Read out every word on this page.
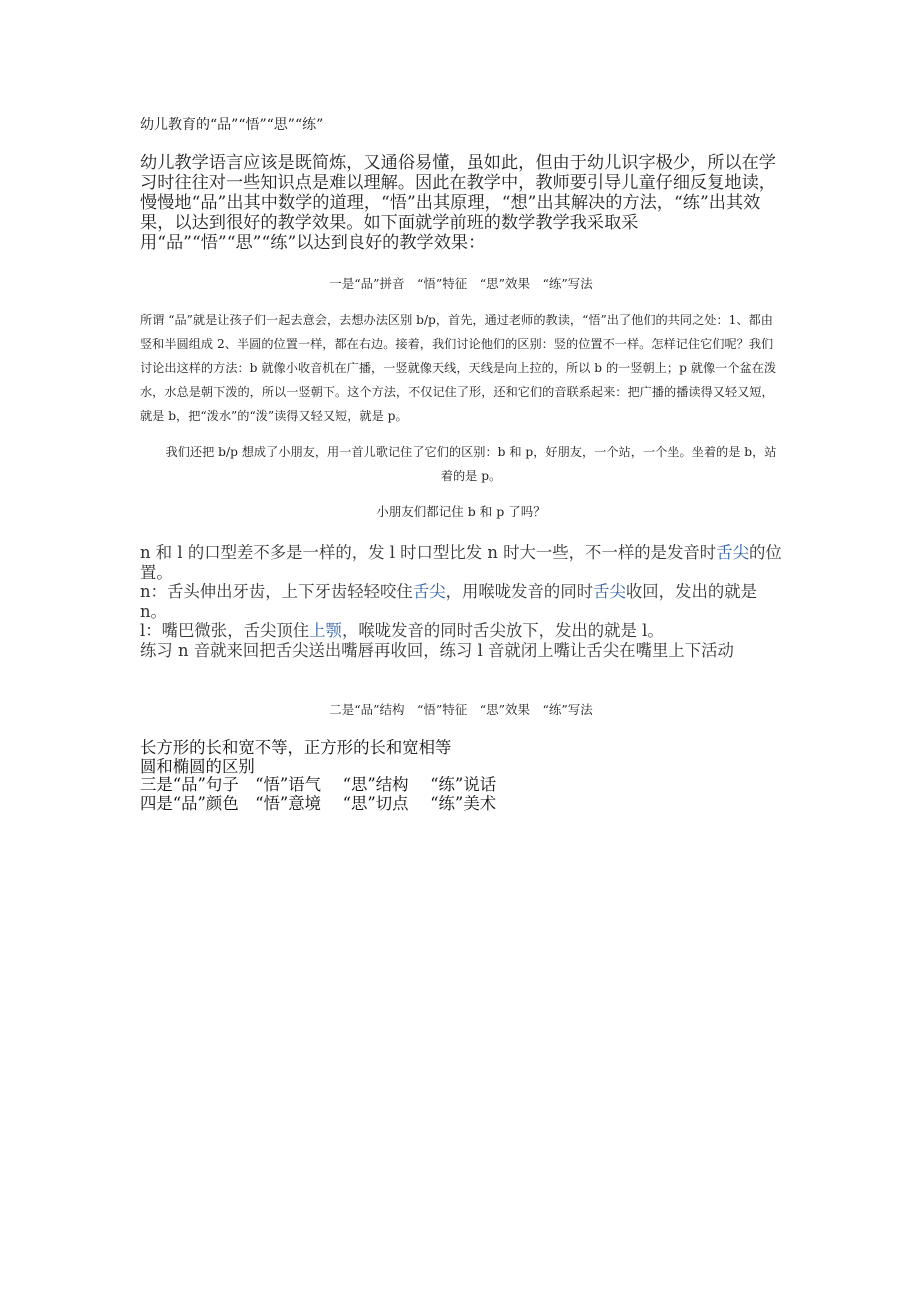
幼儿教育的“品”“悟”“思”“练”
幼儿教学语言应该是既简炼，又通俗易懂，虽如此，但由于幼儿识字极少，所以在学习时往往对一些知识点是难以理解。因此在教学中，教师要引导儿童仔细反复地读，慢慢地“品”出其中数学的道理，“悟”出其原理，“想”出其解决的方法，“练”出其效果，以达到很好的教学效果。如下面就学前班的数学教学我采取采用“品”“悟”“思”“练”以达到良好的教学效果：
一是“品”拼音　“悟”特征　“思”效果　“练”写法
所谓 “品”就是让孩子们一起去意会，去想办法区别 b/p，首先，通过老师的教读，“悟”出了他们的共同之处：1、都由竖和半圆组成 2、半圆的位置一样，都在右边。接着，我们讨论他们的区别：竖的位置不一样。怎样记住它们呢？我们讨论出这样的方法：b 就像小收音机在广播，一竖就像天线，天线是向上拉的，所以 b 的一竖朝上；p 就像一个盆在泼水，水总是朝下泼的，所以一竖朝下。这个方法，不仅记住了形，还和它们的音联系起来：把广播的播读得又轻又短，就是 b，把“泼水”的“泼”读得又轻又短，就是 p。
我们还把 b/p 想成了小朋友，用一首儿歌记住了它们的区别：b 和 p，好朋友，一个站，一个坐。坐着的是 b，站着的是 p。
小朋友们都记住 b 和 p 了吗？
n 和 l 的口型差不多是一样的，发 l 时口型比发 n 时大一些，不一样的是发音时舌尖的位置。
n：舌头伸出牙齿，上下牙齿轻轻咬住舌尖，用喉咙发音的同时舌尖收回，发出的就是 n。
l：嘴巴微张，舌尖顶住上颚，喉咙发音的同时舌尖放下，发出的就是 l。
练习 n 音就来回把舌尖送出嘴唇再收回，练习 l 音就闭上嘴让舌尖在嘴里上下活动
二是“品”结构　“悟”特征　“思”效果　“练”写法
长方形的长和宽不等，正方形的长和宽相等
圆和椭圆的区别
三是“品”句子　“悟”语气　 “思”结构　 “练”说话
四是“品”颜色　“悟”意境　 “思”切点　 “练”美术
